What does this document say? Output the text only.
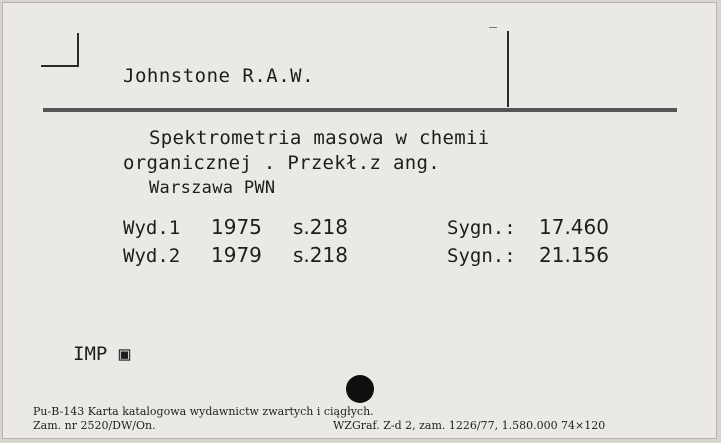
Johnstone R.A.W.
Spektrometria masowa w chemii
organicznej . Przekł.z ang.
Warszawa PWN
Wyd.1 1975 s.218	Sygn.: 17.460
Wyd.2 1979 s.218	Sygn.: 21.156
IMP ▣
Pu-B-143 Karta katalogowa wydawnictw zwartych i ciągłych.
Zam. nr 2520/DW/On.	WZGraf. Z-d 2, zam. 1226/77, 1.580.000 74×120
